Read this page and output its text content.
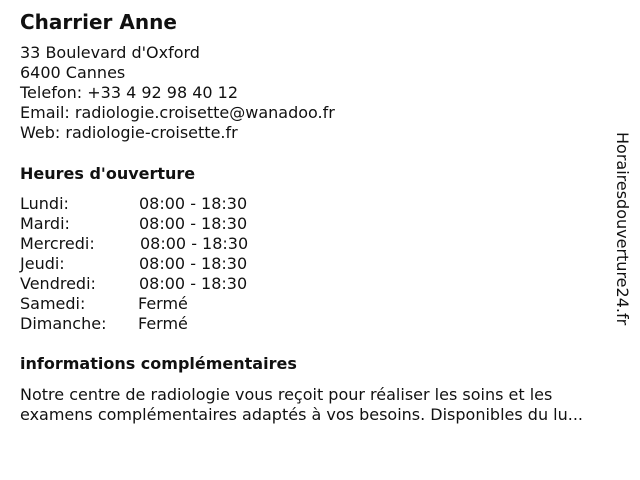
Charrier Anne
33 Boulevard d'Oxford
6400 Cannes
Telefon: +33 4 92 98 40 12
Email: radiologie.croisette@wanadoo.fr
Web: radiologie-croisette.fr
Heures d'ouverture
Lundi:	08:00 - 18:30
Mardi:	08:00 - 18:30
Mercredi:	08:00 - 18:30
Jeudi:	08:00 - 18:30
Vendredi:	08:00 - 18:30
Samedi:	Fermé
Dimanche: Fermé
informations complémentaires
Notre centre de radiologie vous reçoit pour réaliser les soins et les
examens complémentaires adaptés à vos besoins. Disponibles du lu...
Horairesdouverture24.fr
